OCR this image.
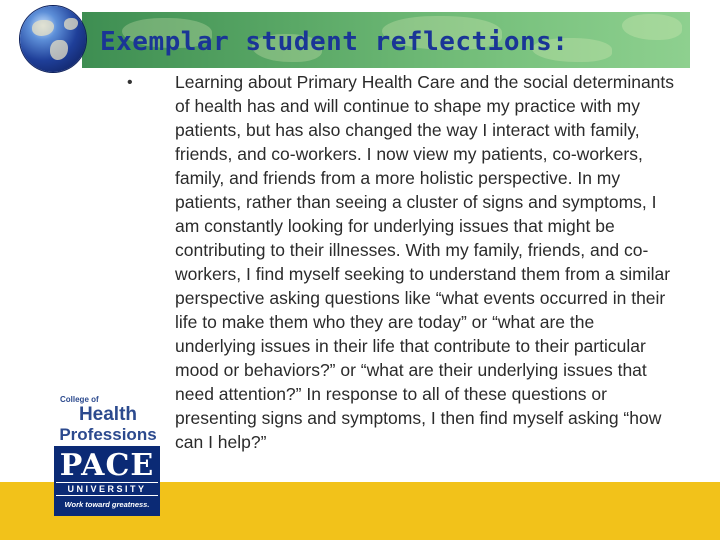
Exemplar student reflections:
• Learning about Primary Health Care and the social determinants of health has and will continue to shape my practice with my patients, but has also changed the way I interact with family, friends, and co-workers. I now view my patients, co-workers, family, and friends from a more holistic perspective. In my patients, rather than seeing a cluster of signs and symptoms, I am constantly looking for underlying issues that might be contributing to their illnesses. With my family, friends, and co-workers, I find myself seeking to understand them from a similar perspective asking questions like “what events occurred in their life to make them who they are today” or “what are the underlying issues in their life that contribute to their particular mood or behaviors?” or “what are their underlying issues that need attention?” In response to all of these questions or presenting signs and symptoms, I then find myself asking “how can I help?”

College of
Health
Professions
PACE
UNIVERSITY
Work toward greatness.
